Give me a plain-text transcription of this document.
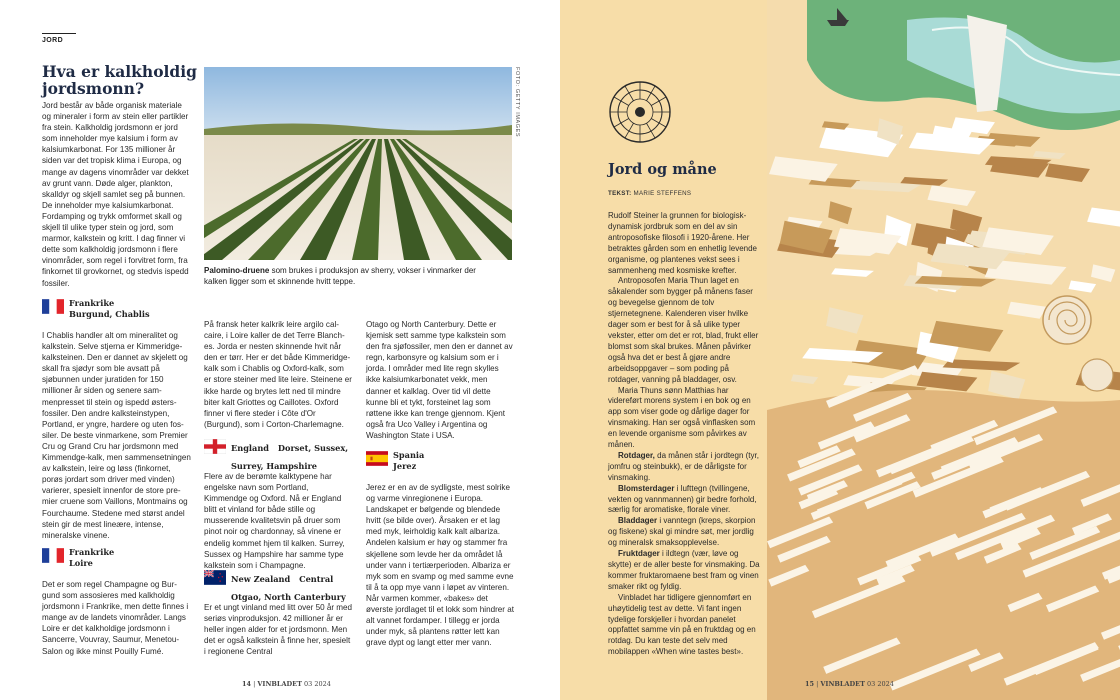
JORD
Hva er kalkholdig jordsmonn?

Jord består av både organisk materiale og mineraler i form av stein eller partikler fra stein. Kalkholdig jordsmonn er jord som inneholder mye kalsium i form av kalsiumkarbonat. For 135 millioner år siden var det tropisk klima i Europa, og mange av dagens vinområder var dekket av grunt vann. Døde alger, plankton, skalldyr og skjell samlet seg på bunnen. De inneholder mye kalsiumkarbonat. Fordamping og trykk omformet skall og skjell til ulike typer stein og jord, som marmor, kalkstein og kritt. I dag finner vi dette som kalkholdig jordsmonn i flere vinområder, som regel i forvitret form, fra finkornet til grovkornet, og stedvis ispedd fossiler.

FOTO: GETTY IMAGES
Palomino-druene som brukes i produksjon av sherry, vokser i vinmarker der kalken ligger som et skinnende hvitt teppe.
Frankrike
Burgund, Chablis

I Chablis handler alt om mineralitet og kalkstein. Selve stjerna er Kimmeridge-kalksteinen. Den er dannet av skjelett og skall fra sjødyr som ble avsatt på sjøbunnen under juratiden for 150 millioner år siden og senere sammenpresset til stein og ispedd østersfossiler. Den andre kalksteinstypen, Portland, er yngre, hardere og uten fossiler. De beste vinmarkene, som Premier Cru og Grand Cru har jordsmonn med Kimmendge-kalk, men sammensetningen av kalkstein, leire og løss (finkornet, porøs jordart som driver med vinden) varierer, spesielt innenfor de store premier cruene som Vaillons, Montmains og Fourchaume. Stedene med størst andel stein gir de mest lineære, intense, mineralske vinene.

Frankrike
Loire

Det er som regel Champagne og Burgund som assosieres med kalkholdig jordsmonn i Frankrike, men dette finnes i mange av de landets vinområder. Langs Loire er det kalkholdige jordsmonn i Sancerre, Vouvray, Saumur, Menetou-Salon og ikke minst Pouilly Fumé.

På fransk heter kalkrik leire argilo calcaire, i Loire kaller de det Terre Blanches. Jorda er nesten skinnende hvit når den er tørr. Her er det både Kimmeridgekalk som i Chablis og Oxford-kalk, som er store steiner med lite leire. Steinene er ikke harde og brytes lett ned til mindre biter kalt Griottes og Caillotes. Oxford finner vi flere steder i Côte d'Or (Burgund), som i Corton-Charlemagne.

England Dorset, Sussex, Surrey, Hampshire

Flere av de berømte kalktypene har engelske navn som Portland, Kimmendge og Oxford. Nå er England blitt et vinland for både stille og musserende kvalitetsvin på druer som pinot noir og chardonnay, så vinene er endelig kommet hjem til kalken. Surrey, Sussex og Hampshire har samme type kalkstein som i Champagne.

New Zealand Central Otgao, North Canterbury

Er et ungt vinland med litt over 50 år med seriøs vinproduksjon. 42 millioner år er heller ingen alder for et jordsmonn. Men det er også kalkstein å finne her, spesielt i regionene Central

Otago og North Canterbury. Dette er kjemisk sett samme type kalkstein som den fra sjøfossiler, men den er dannet av regn, karbonsyre og kalsium som er i jorda. I områder med lite regn skylles ikke kalsiumkarbonatet vekk, men danner et kalklag. Over tid vil dette kunne bli et tykt, forsteinet lag som røttene ikke kan trenge gjennom. Kjent også fra Uco Valley i Argentina og Washington State i USA.

Spania
Jerez

Jerez er en av de sydligste, mest solrike og varme vinregionene i Europa. Landskapet er bølgende og blendede hvitt (se bilde over). Årsaken er et lag med myk, leirholdig kalk kalt albariza. Andelen kalsium er høy og stammer fra skjellene som levde her da området lå under vann i tertiærperioden. Albariza er myk som en svamp og med samme evne til å ta opp mye vann i løpet av vinteren. Når varmen kommer, «bakes» det øverste jordlaget til et lokk som hindrer at alt vannet fordamper. I tillegg er jorda under myk, så plantens røtter lett kan grave dypt og langt etter mer vann.

14 | VINBLADET 03 2024
Jord og måne
TEKST: MARIE STEFFENS

Rudolf Steiner la grunnen for biologisk-dynamisk jordbruk som en del av sin antroposofiske filosofi i 1920-årene. Her betraktes gården som en enhetlig levende organisme, og plantenes vekst sees i sammenheng med kosmiske krefter.

Antroposofen Maria Thun laget en såkalender som bygger på månens faser og bevegelse gjennom de tolv stjernetegnene. Kalenderen viser hvilke dager som er best for å så ulike typer vekster, etter om det er rot, blad, frukt eller blomst som skal brukes. Månen påvirker også hva det er best å gjøre andre arbeidsoppgaver – som poding på rotdager, vanning på bladdager, osv.

Maria Thuns sønn Matthias har videreført morens system i en bok og en app som viser gode og dårlige dager for vinsmaking. Han ser også vinflasken som en levende organisme som påvirkes av månen.

Rotdager, da månen står i jordtegn (tyr, jomfru og steinbukk), er de dårligste for vinsmaking.

Blomsterdager i lufttegn (tvillingene, vekten og vannmannen) gir bedre forhold, særlig for aromatiske, florale viner.

Bladdager i vanntegn (kreps, skorpion og fiskene) skal gi mindre søt, mer jordlig og mineralsk smaksopplevelse.

Fruktdager i ildtegn (vær, løve og skytte) er de aller beste for vinsmaking. Da kommer fruktaromaene best fram og vinen smaker rikt og fyldig.

Vinbladet har tidligere gjennomført en uhøytidelig test av dette. Vi fant ingen tydelige forskjeller i hvordan panelet oppfattet samme vin på en fruktdag og en rotdag. Du kan teste det selv med mobilappen «When wine tastes best».

15 | VINBLADET 03 2024
